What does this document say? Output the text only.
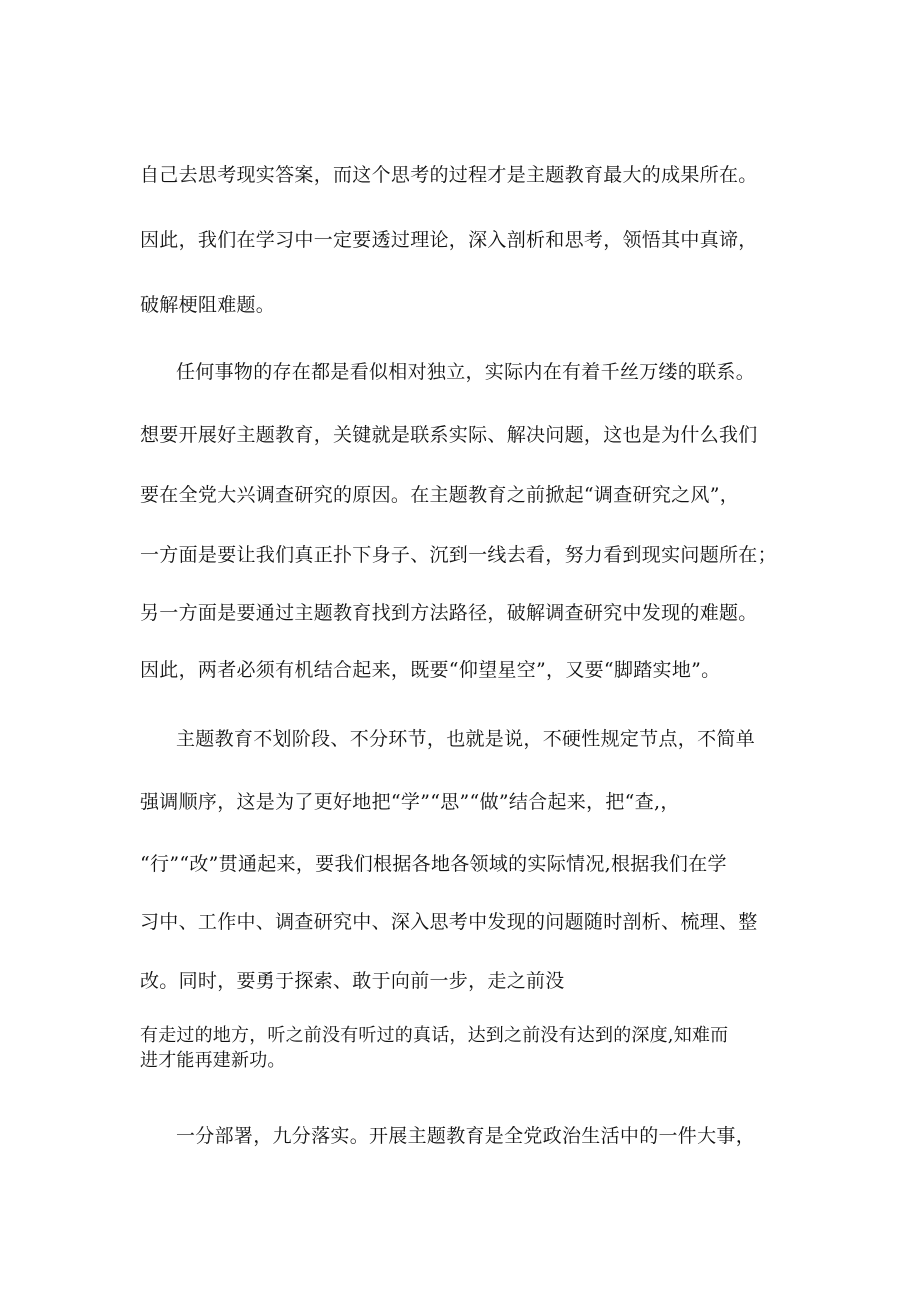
自己去思考现实答案，而这个思考的过程才是主题教育最大的成果所在。
因此，我们在学习中一定要透过理论，深入剖析和思考，领悟其中真谛，
破解梗阻难题。
任何事物的存在都是看似相对独立，实际内在有着千丝万缕的联系。
想要开展好主题教育，关键就是联系实际、解决问题，这也是为什么我们
要在全党大兴调查研究的原因。在主题教育之前掀起“调查研究之风”，
一方面是要让我们真正扑下身子、沉到一线去看，努力看到现实问题所在；
另一方面是要通过主题教育找到方法路径，破解调查研究中发现的难题。
因此，两者必须有机结合起来，既要“仰望星空”，又要“脚踏实地”。
主题教育不划阶段、不分环节，也就是说，不硬性规定节点，不简单
强调顺序，这是为了更好地把“学”“思”“做”结合起来，把“查,，
“行”“改”贯通起来，要我们根据各地各领域的实际情况,根据我们在学
习中、工作中、调查研究中、深入思考中发现的问题随时剖析、梳理、整
改。同时，要勇于探索、敢于向前一步，走之前没
有走过的地方，听之前没有听过的真话，达到之前没有达到的深度,知难而
进才能再建新功。
一分部署，九分落实。开展主题教育是全党政治生活中的一件大事，
